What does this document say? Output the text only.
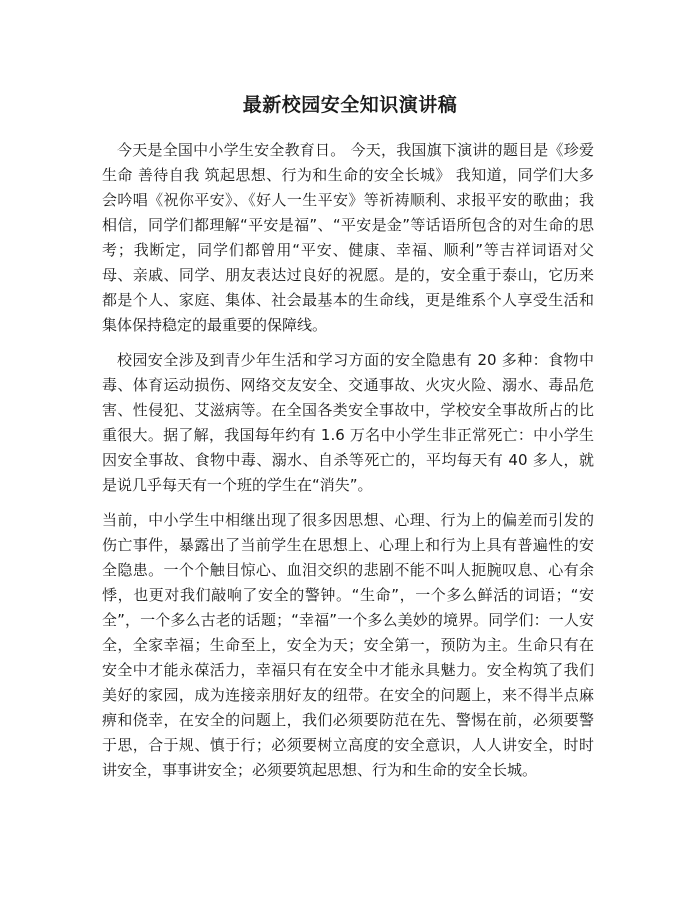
最新校园安全知识演讲稿

今天是全国中小学生安全教育日。 今天，我国旗下演讲的题目是《珍爱生命 善待自我 筑起思想、行为和生命的安全长城》 我知道，同学们大多会吟唱《祝你平安》、《好人一生平安》等祈祷顺利、求报平安的歌曲；我相信，同学们都理解“平安是福”、“平安是金”等话语所包含的对生命的思考；我断定，同学们都曾用“平安、健康、幸福、顺利”等吉祥词语对父母、亲戚、同学、朋友表达过良好的祝愿。是的，安全重于泰山，它历来都是个人、家庭、集体、社会最基本的生命线，更是维系个人享受生活和集体保持稳定的最重要的保障线。

校园安全涉及到青少年生活和学习方面的安全隐患有 20 多种：食物中毒、体育运动损伤、网络交友安全、交通事故、火灾火险、溺水、毒品危害、性侵犯、艾滋病等。在全国各类安全事故中，学校安全事故所占的比重很大。据了解，我国每年约有 1.6 万名中小学生非正常死亡：中小学生因安全事故、食物中毒、溺水、自杀等死亡的，平均每天有 40 多人，就是说几乎每天有一个班的学生在“消失”。

当前，中小学生中相继出现了很多因思想、心理、行为上的偏差而引发的伤亡事件，暴露出了当前学生在思想上、心理上和行为上具有普遍性的安全隐患。一个个触目惊心、血泪交织的悲剧不能不叫人扼腕叹息、心有余悸，也更对我们敲响了安全的警钟。“生命”，一个多么鲜活的词语；“安全”，一个多么古老的话题；“幸福”一个多么美妙的境界。同学们：一人安全，全家幸福；生命至上，安全为天；安全第一，预防为主。生命只有在安全中才能永葆活力，幸福只有在安全中才能永具魅力。安全构筑了我们美好的家园，成为连接亲朋好友的纽带。在安全的问题上，来不得半点麻痹和侥幸，在安全的问题上，我们必须要防范在先、警惕在前，必须要警于思，合于规、慎于行；必须要树立高度的安全意识，人人讲安全，时时讲安全，事事讲安全；必须要筑起思想、行为和生命的安全长城。
